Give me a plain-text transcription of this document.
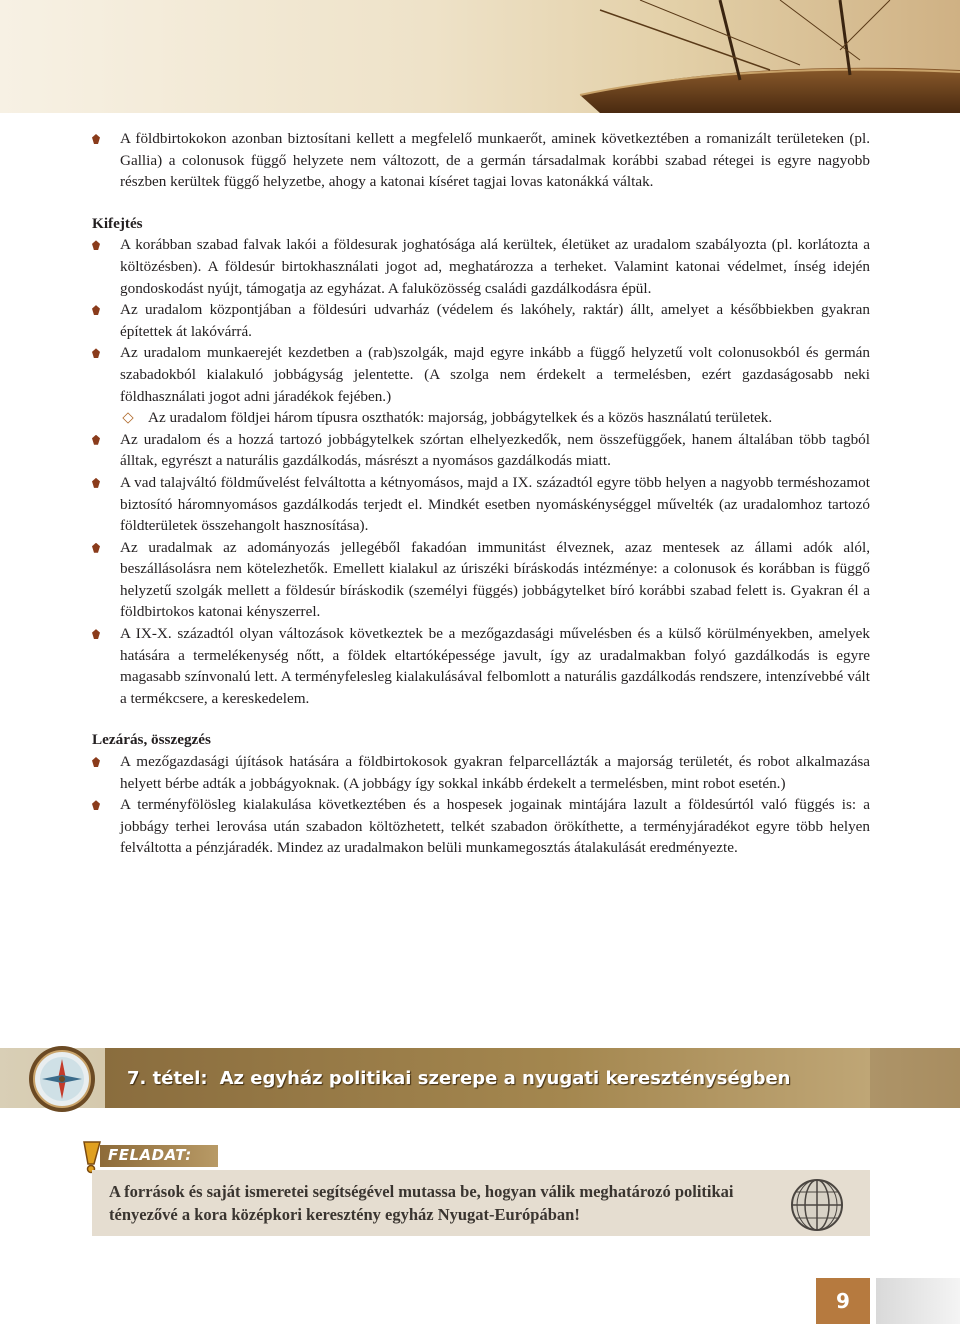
A földbirtokokon azonban biztosítani kellett a megfelelő munkaerőt, aminek következtében a romanizált területeken (pl. Gallia) a colonusok függő helyzete nem változott, de a germán társadalmak korábbi szabad rétegei is egyre nagyobb részben kerültek függő helyzetbe, ahogy a katonai kíséret tagjai lovas katonákká váltak.

Kifejtés

A korábban szabad falvak lakói a földesurak joghatósága alá kerültek, életüket az uradalom szabályozta (pl. korlátozta a költözésben). A földesúr birtokhasználati jogot ad, meghatározza a terheket. Valamint katonai védelmet, ínség idején gondoskodást nyújt, támogatja az egyházat. A faluközösség családi gazdálkodásra épül.

Az uradalom központjában a földesúri udvarház (védelem és lakóhely, raktár) állt, amelyet a későbbiekben gyakran építettek át lakóvárrá.

Az uradalom munkaerejét kezdetben a (rab)szolgák, majd egyre inkább a függő helyzetű volt colonusokból és germán szabadokból kialakuló jobbágyság jelentette. (A szolga nem érdekelt a termelésben, ezért gazdaságosabb neki földhasználati jogot adni járadékok fejében.)

Az uradalom földjei három típusra oszthatók: majorság, jobbágytelkek és a közös használatú területek.

Az uradalom és a hozzá tartozó jobbágytelkek szórtan elhelyezkedők, nem összefüggőek, hanem általában több tagból álltak, egyrészt a naturális gazdálkodás, másrészt a nyomásos gazdálkodás miatt.

A vad talajváltó földművelést felváltotta a kétnyomásos, majd a IX. századtól egyre több helyen a nagyobb terméshozamot biztosító háromnyomásos gazdálkodás terjedt el. Mindkét esetben nyomáskénységgel művelték (az uradalomhoz tartozó földterületek összehangolt hasznosítása).

Az uradalmak az adományozás jellegéből fakadóan immunitást élveznek, azaz mentesek az állami adók alól, beszállásolásra nem kötelezhetők. Emellett kialakul az úriszéki bíráskodás intézménye: a colonusok és korábban is függő helyzetű szolgák mellett a földesúr bíráskodik (személyi függés) jobbágytelket bíró korábbi szabad felett is. Gyakran él a földbirtokos katonai kényszerrel.

A IX-X. századtól olyan változások következtek be a mezőgazdasági művelésben és a külső körülményekben, amelyek hatására a termelékenység nőtt, a földek eltartóképessége javult, így az uradalmakban folyó gazdálkodás is egyre magasabb színvonalú lett. A terményfelesleg kialakulásával felbomlott a naturális gazdálkodás rendszere, intenzívebbé vált a termékcsere, a kereskedelem.

Lezárás, összegzés

A mezőgazdasági újítások hatására a földbirtokosok gyakran felparcellázták a majorság területét, és robot alkalmazása helyett bérbe adták a jobbágyoknak. (A jobbágy így sokkal inkább érdekelt a termelésben, mint robot esetén.)

A terményfölösleg kialakulása következtében és a hospesek jogainak mintájára lazult a földesúrtól való függés is: a jobbágy terhei lerovása után szabadon költözhetett, telkét szabadon örökíthette, a terményjáradékot egyre több helyen felváltotta a pénzjáradék. Mindez az uradalmakon belüli munkamegosztás átalakulását eredményezte.

7. tétel: Az egyház politikai szerepe a nyugati kereszténységben
FELADAT:
A források és saját ismeretei segítségével mutassa be, hogyan válik meghatározó politikai tényezővé a kora középkori keresztény egyház Nyugat-Európában!
9
